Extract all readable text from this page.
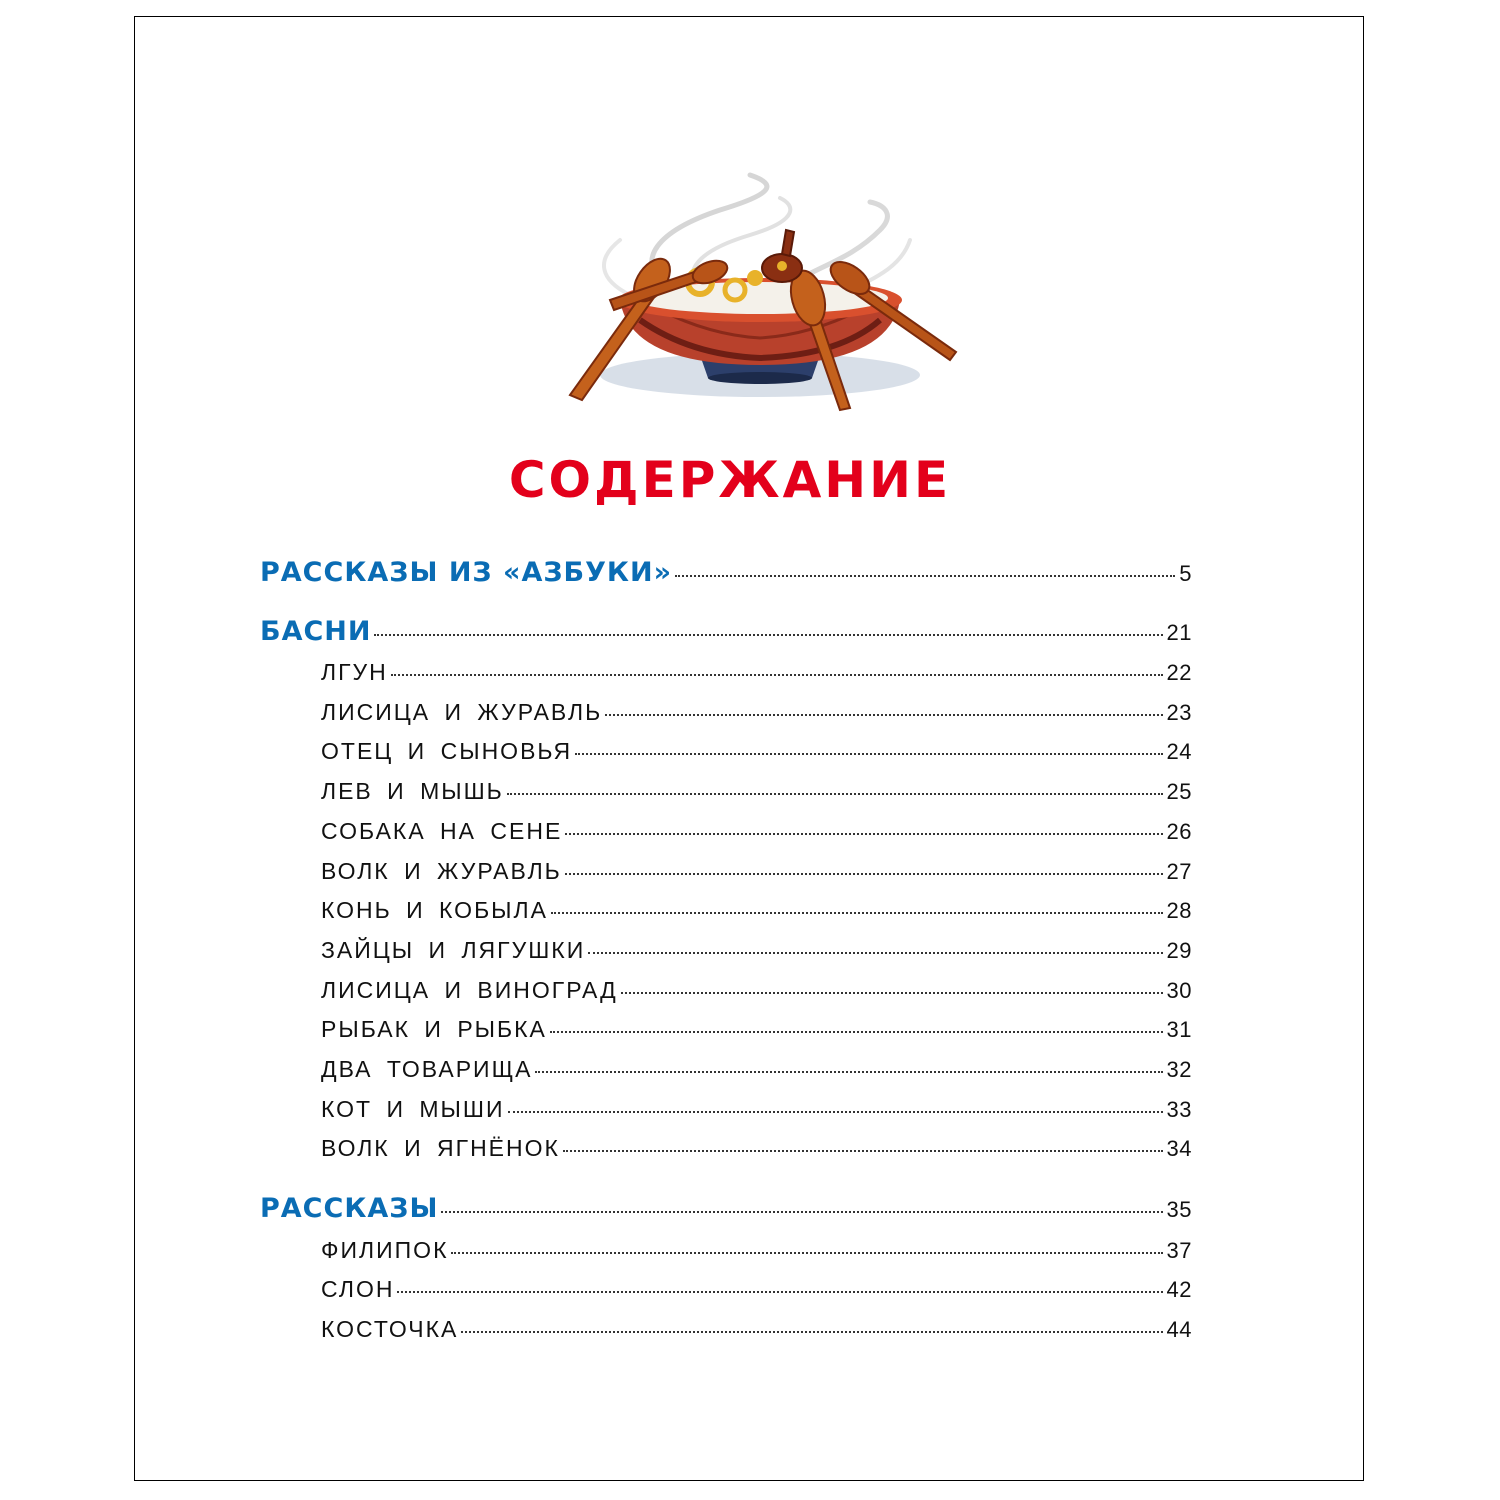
СОДЕРЖАНИЕ
РАССКАЗЫ ИЗ «АЗБУКИ»	5
БАСНИ	21
ЛГУН	22
ЛИСИЦА И ЖУРАВЛЬ	23
ОТЕЦ И СЫНОВЬЯ	24
ЛЕВ И МЫШЬ	25
СОБАКА НА СЕНЕ	26
ВОЛК И ЖУРАВЛЬ	27
КОНЬ И КОБЫЛА	28
ЗАЙЦЫ И ЛЯГУШКИ	29
ЛИСИЦА И ВИНОГРАД	30
РЫБАК И РЫБКА	31
ДВА ТОВАРИЩА	32
КОТ И МЫШИ	33
ВОЛК И ЯГНЁНОК	34
РАССКАЗЫ	35
ФИЛИПОК	37
СЛОН	42
КОСТОЧКА	44
